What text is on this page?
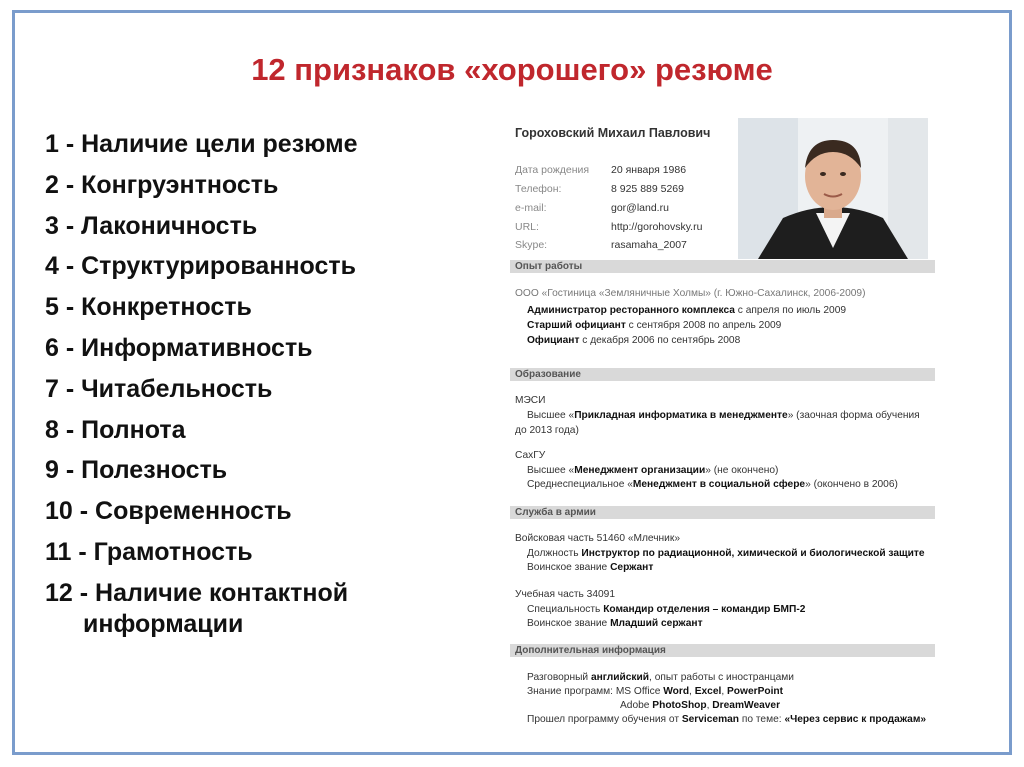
12 признаков «хорошего» резюме
1 - Наличие цели резюме
2 - Конгруэнтность
3 - Лаконичность
4 - Структурированность
5 - Конкретность
6 - Информативность
7 - Читабельность
8 - Полнота
9 - Полезность
10 - Современность
11 - Грамотность
12 - Наличие контактной информации
Гороховский Михаил Павлович
Дата рождения 20 января 1986
Телефон:	8 925 889 5269
e-mail:	gor@land.ru
URL:	http://gorohovsky.ru
Skype:	rasamaha_2007
Опыт работы
ООО «Гостиница «Земляничные Холмы» (г. Южно-Сахалинск, 2006-2009)
Администратор ресторанного комплекса с апреля по июль 2009
Старший официант с сентября 2008 по апрель 2009
Официант с декабря 2006 по сентябрь 2008
Образование
МЭСИ
Высшее «Прикладная информатика в менеджменте» (заочная форма обучения
до 2013 года)
СахГУ
Высшее «Менеджмент организации» (не окончено)
Среднеспециальное «Менеджмент в социальной сфере» (окончено в 2006)
Служба в армии
Войсковая часть 51460 «Млечник»
Должность Инструктор по радиационной, химической и биологической защите
Воинское звание Сержант
Учебная часть 34091
Специальность Командир отделения – командир БМП-2
Воинское звание Младший сержант
Дополнительная информация
Разговорный английский, опыт работы с иностранцами
Знание программ: MS Office Word, Excel, PowerPoint
Adobe PhotoShop, DreamWeaver
Прошел программу обучения от Serviceman по теме: «Через сервис к продажам»
